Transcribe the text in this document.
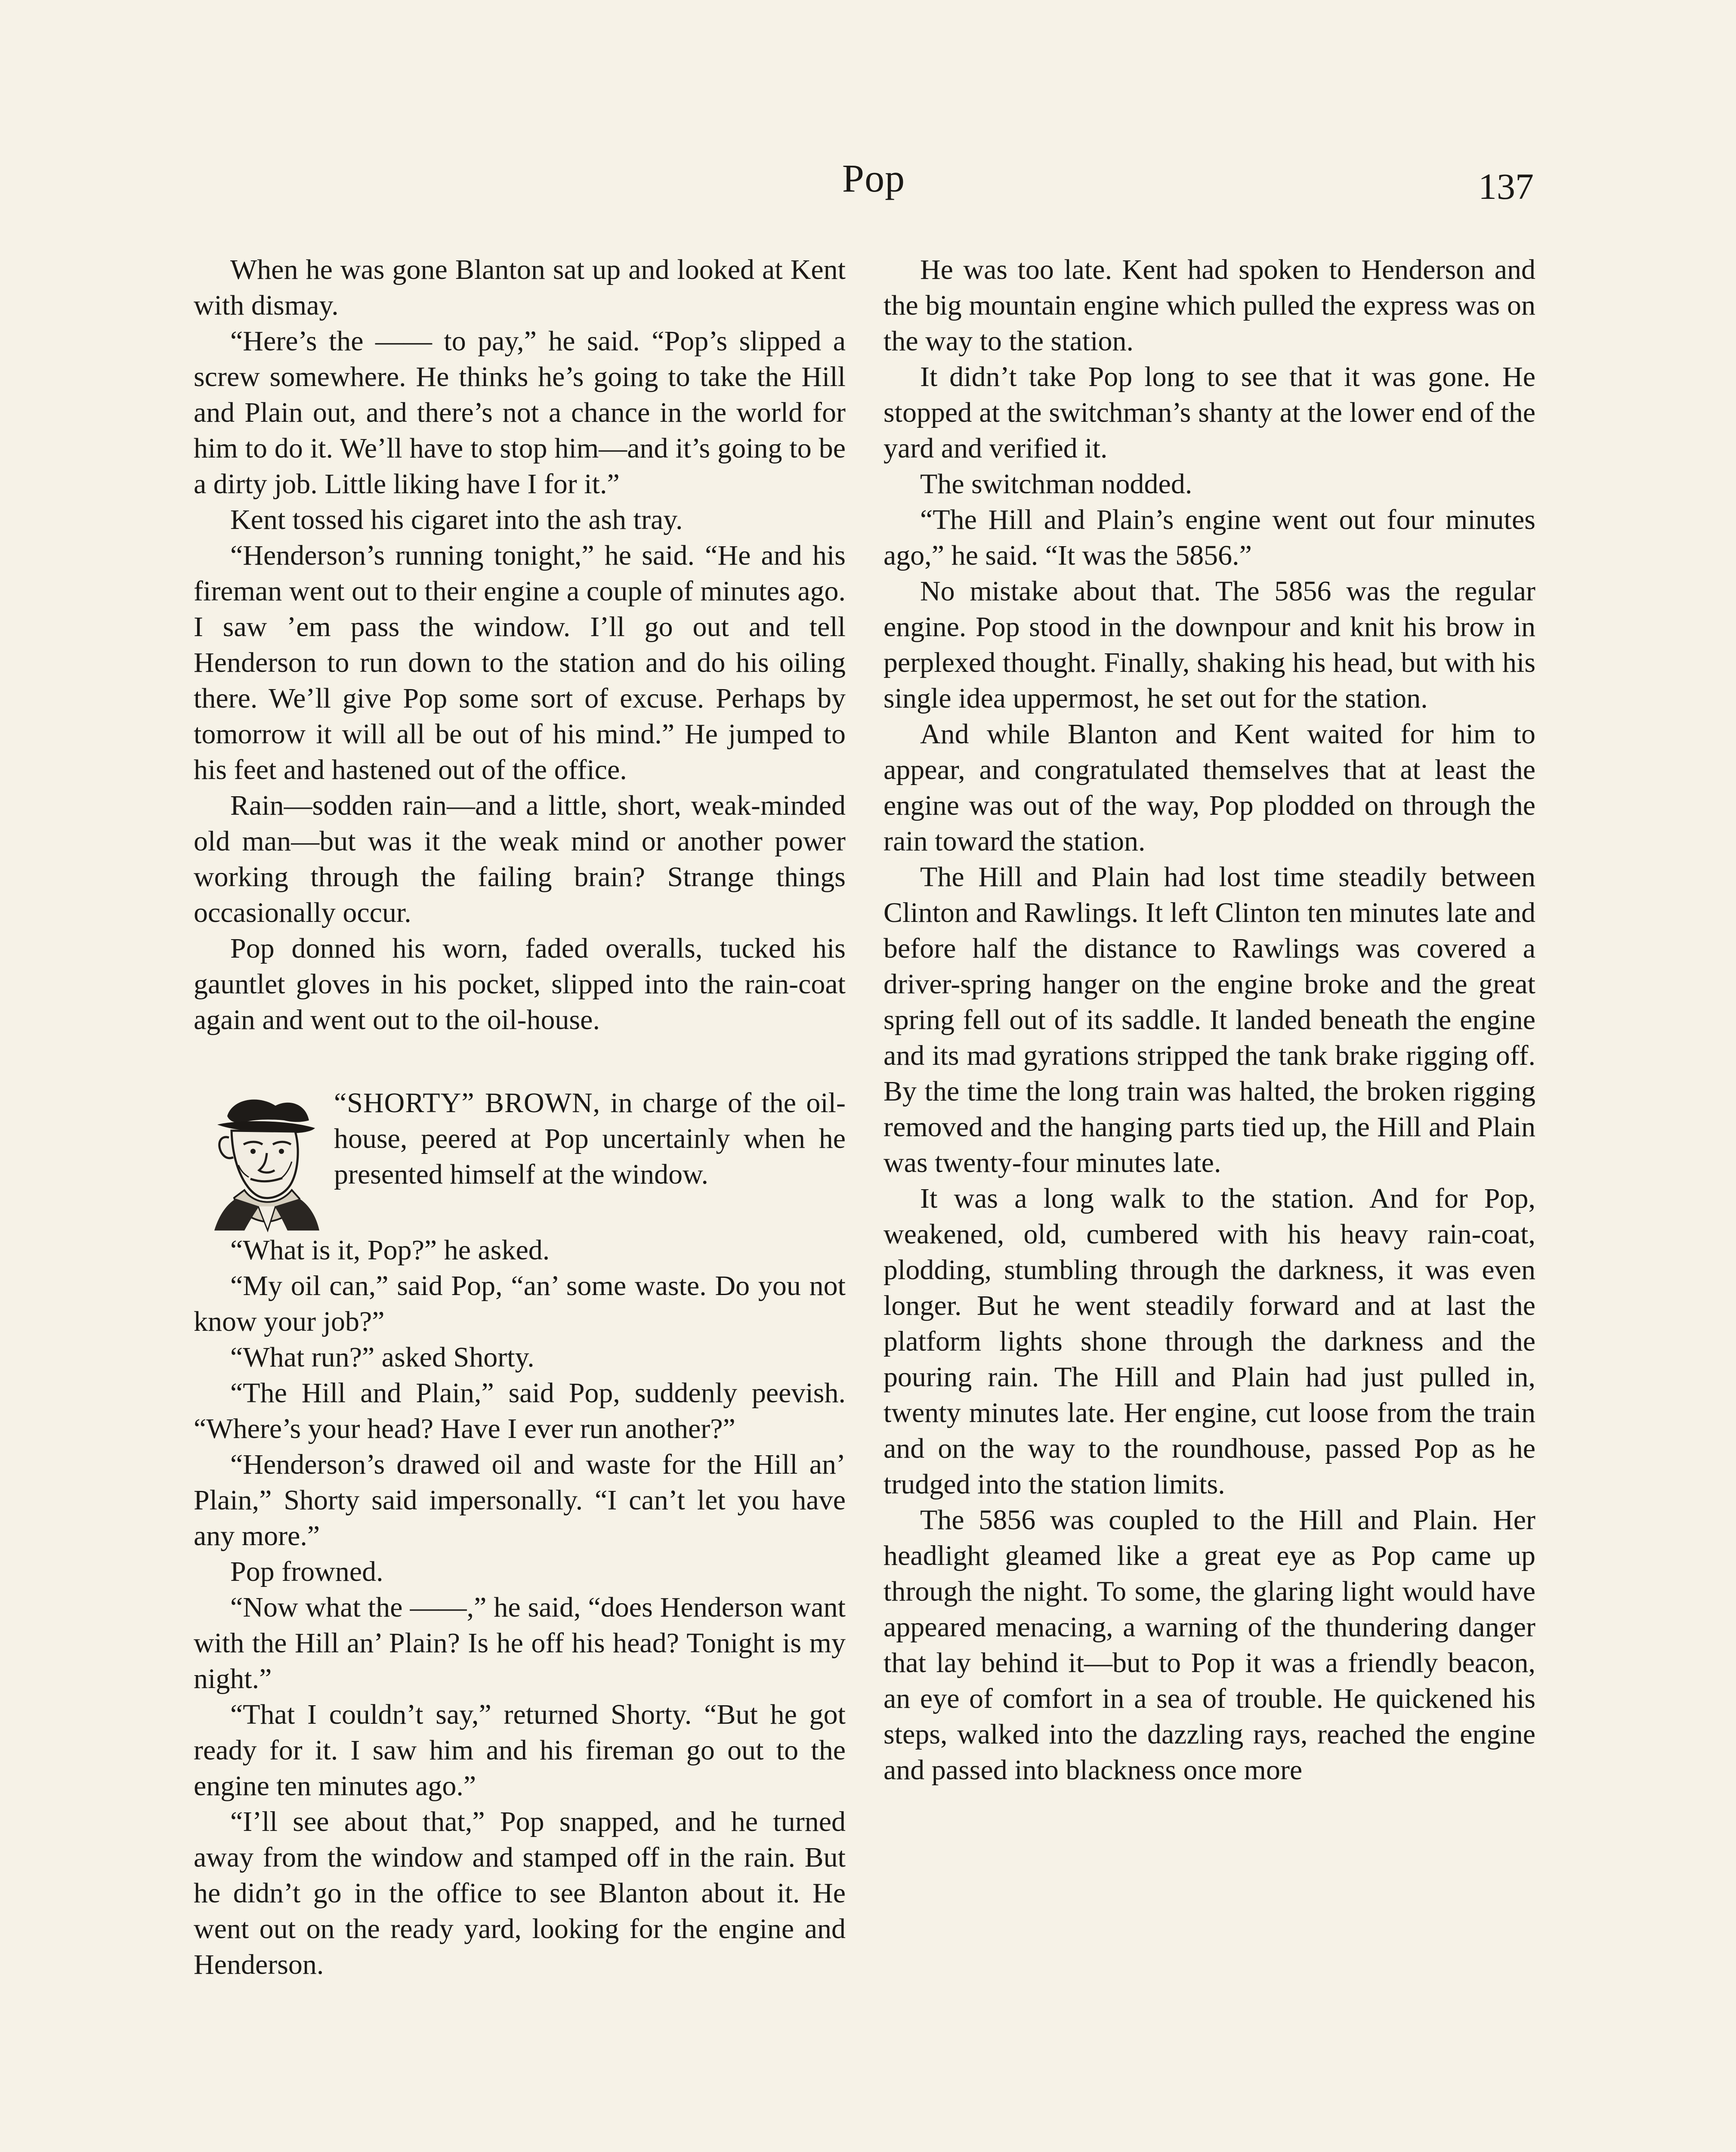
Pop	137

When he was gone Blanton sat up and looked at Kent with dismay.

“Here’s the —— to pay,” he said. “Pop’s slipped a screw somewhere. He thinks he’s going to take the Hill and Plain out, and there’s not a chance in the world for him to do it. We’ll have to stop him—and it’s going to be a dirty job. Little liking have I for it.”

Kent tossed his cigaret into the ash tray.

“Henderson’s running tonight,” he said. “He and his fireman went out to their engine a couple of minutes ago. I saw ’em pass the window. I’ll go out and tell Henderson to run down to the station and do his oiling there. We’ll give Pop some sort of excuse. Perhaps by tomorrow it will all be out of his mind.” He jumped to his feet and hastened out of the office.

Rain—sodden rain—and a little, short, weak-minded old man—but was it the weak mind or another power working through the failing brain? Strange things occasionally occur.

Pop donned his worn, faded overalls, tucked his gauntlet gloves in his pocket, slipped into the rain-coat again and went out to the oil-house.

“SHORTY” BROWN, in charge of the oil-house, peered at Pop uncertainly when he presented himself at the window.

“What is it, Pop?” he asked.

“My oil can,” said Pop, “an’ some waste. Do you not know your job?”

“What run?” asked Shorty.

“The Hill and Plain,” said Pop, suddenly peevish. “Where’s your head? Have I ever run another?”

“Henderson’s drawed oil and waste for the Hill an’ Plain,” Shorty said impersonally. “I can’t let you have any more.”

Pop frowned.

“Now what the ——,” he said, “does Henderson want with the Hill an’ Plain? Is he off his head? Tonight is my night.”

“That I couldn’t say,” returned Shorty. “But he got ready for it. I saw him and his fireman go out to the engine ten minutes ago.”

“I’ll see about that,” Pop snapped, and he turned away from the window and stamped off in the rain. But he didn’t go in the office to see Blanton about it. He went out on the ready yard, looking for the engine and Henderson.

He was too late. Kent had spoken to Henderson and the big mountain engine which pulled the express was on the way to the station.

It didn’t take Pop long to see that it was gone. He stopped at the switchman’s shanty at the lower end of the yard and verified it.

The switchman nodded.

“The Hill and Plain’s engine went out four minutes ago,” he said. “It was the 5856.”

No mistake about that. The 5856 was the regular engine. Pop stood in the downpour and knit his brow in perplexed thought. Finally, shaking his head, but with his single idea uppermost, he set out for the station.

And while Blanton and Kent waited for him to appear, and congratulated themselves that at least the engine was out of the way, Pop plodded on through the rain toward the station.

The Hill and Plain had lost time steadily between Clinton and Rawlings. It left Clinton ten minutes late and before half the distance to Rawlings was covered a driver-spring hanger on the engine broke and the great spring fell out of its saddle. It landed beneath the engine and its mad gyrations stripped the tank brake rigging off. By the time the long train was halted, the broken rigging removed and the hanging parts tied up, the Hill and Plain was twenty-four minutes late.

It was a long walk to the station. And for Pop, weakened, old, cumbered with his heavy rain-coat, plodding, stumbling through the darkness, it was even longer. But he went steadily forward and at last the platform lights shone through the darkness and the pouring rain. The Hill and Plain had just pulled in, twenty minutes late. Her engine, cut loose from the train and on the way to the roundhouse, passed Pop as he trudged into the station limits.

The 5856 was coupled to the Hill and Plain. Her headlight gleamed like a great eye as Pop came up through the night. To some, the glaring light would have appeared menacing, a warning of the thundering danger that lay behind it—but to Pop it was a friendly beacon, an eye of comfort in a sea of trouble. He quickened his steps, walked into the dazzling rays, reached the engine and passed into blackness once more
